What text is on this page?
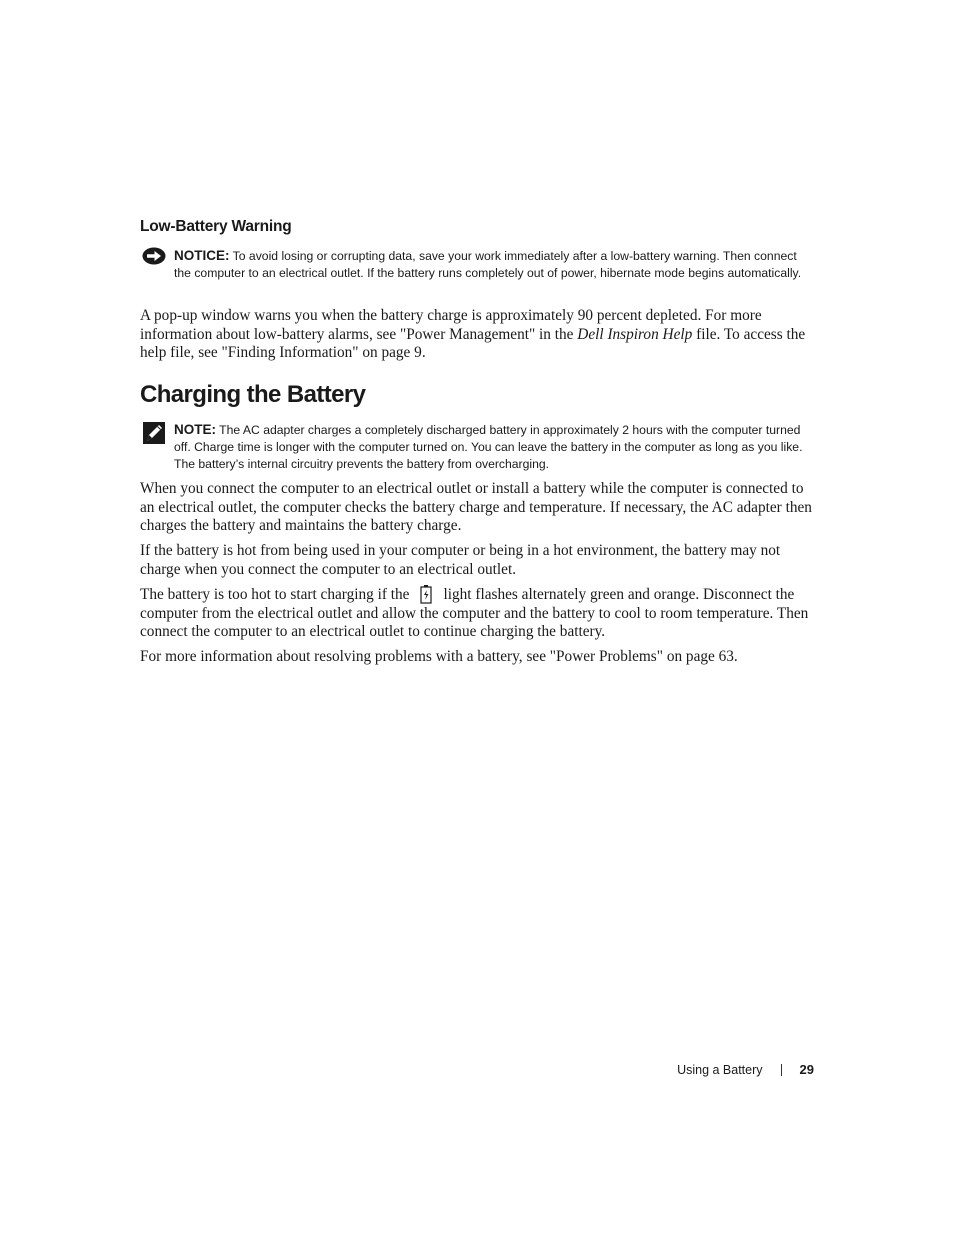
Low-Battery Warning
NOTICE: To avoid losing or corrupting data, save your work immediately after a low-battery warning. Then connect the computer to an electrical outlet. If the battery runs completely out of power, hibernate mode begins automatically.

A pop-up window warns you when the battery charge is approximately 90 percent depleted. For more information about low-battery alarms, see "Power Management" in the Dell Inspiron Help file. To access the help file, see "Finding Information" on page 9.

Charging the Battery
NOTE: The AC adapter charges a completely discharged battery in approximately 2 hours with the computer turned off. Charge time is longer with the computer turned on. You can leave the battery in the computer as long as you like. The battery’s internal circuitry prevents the battery from overcharging.

When you connect the computer to an electrical outlet or install a battery while the computer is connected to an electrical outlet, the computer checks the battery charge and temperature. If necessary, the AC adapter then charges the battery and maintains the battery charge.

If the battery is hot from being used in your computer or being in a hot environment, the battery may not charge when you connect the computer to an electrical outlet.

The battery is too hot to start charging if the light flashes alternately green and orange. Disconnect the computer from the electrical outlet and allow the computer and the battery to cool to room temperature. Then connect the computer to an electrical outlet to continue charging the battery.

For more information about resolving problems with a battery, see "Power Problems" on page 63.

Using a Battery	29
